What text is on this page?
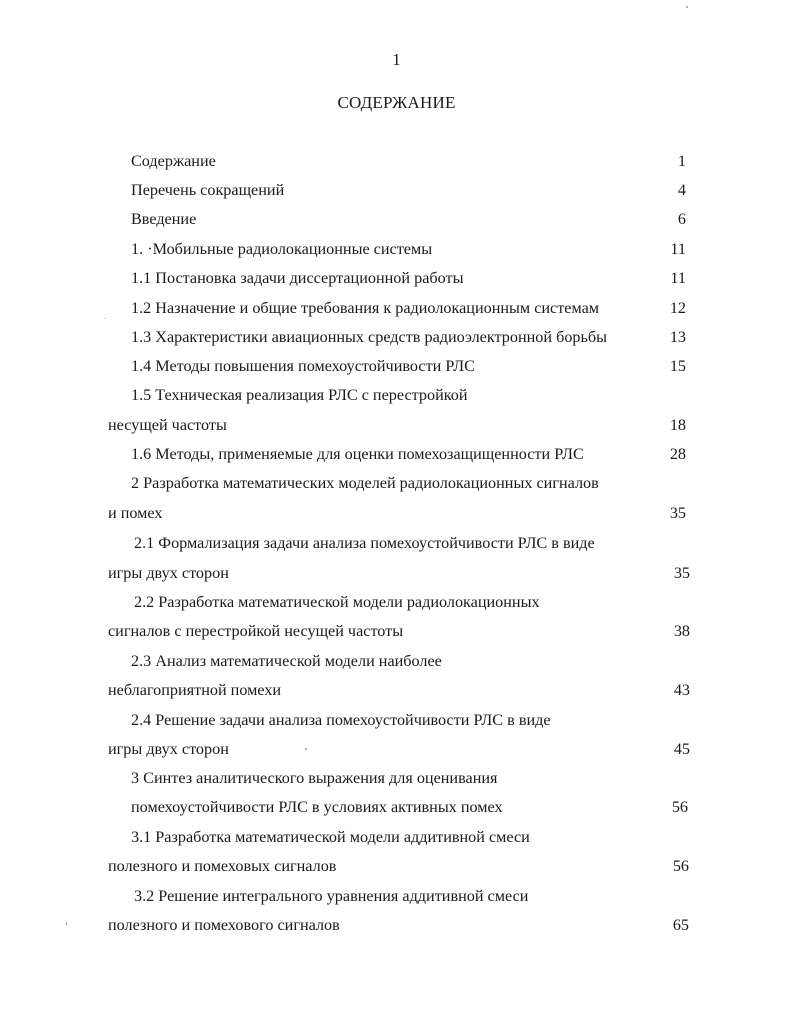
1
СОДЕРЖАНИЕ
Содержание	1
Перечень сокращений	4
Введение	6
1. ·Мобильные радиолокационные системы	11
1.1 Постановка задачи диссертационной работы	11
1.2 Назначение и общие требования к радиолокационным системам	12
1.3 Характеристики авиационных средств радиоэлектронной борьбы	13
1.4 Методы повышения помехоустойчивости РЛС	15
1.5 Техническая реализация РЛС с перестройкой
несущей частоты	18
1.6 Методы, применяемые для оценки помехозащищенности РЛС	28
2 Разработка математических моделей радиолокационных сигналов
и помех	35
2.1 Формализация задачи анализа помехоустойчивости РЛС в виде
игры двух сторон	35
2.2 Разработка математической модели радиолокационных
сигналов с перестройкой несущей частоты	38
2.3 Анализ математической модели наиболее
неблагоприятной помехи	43
2.4 Решение задачи анализа помехоустойчивости РЛС в виде
игры двух сторон	45
3 Синтез аналитического выражения для оценивания
помехоустойчивости РЛС в условиях активных помех	56
3.1 Разработка математической модели аддитивной смеси
полезного и помеховых сигналов	56
3.2 Решение интегрального уравнения аддитивной смеси
полезного и помехового сигналов	65
